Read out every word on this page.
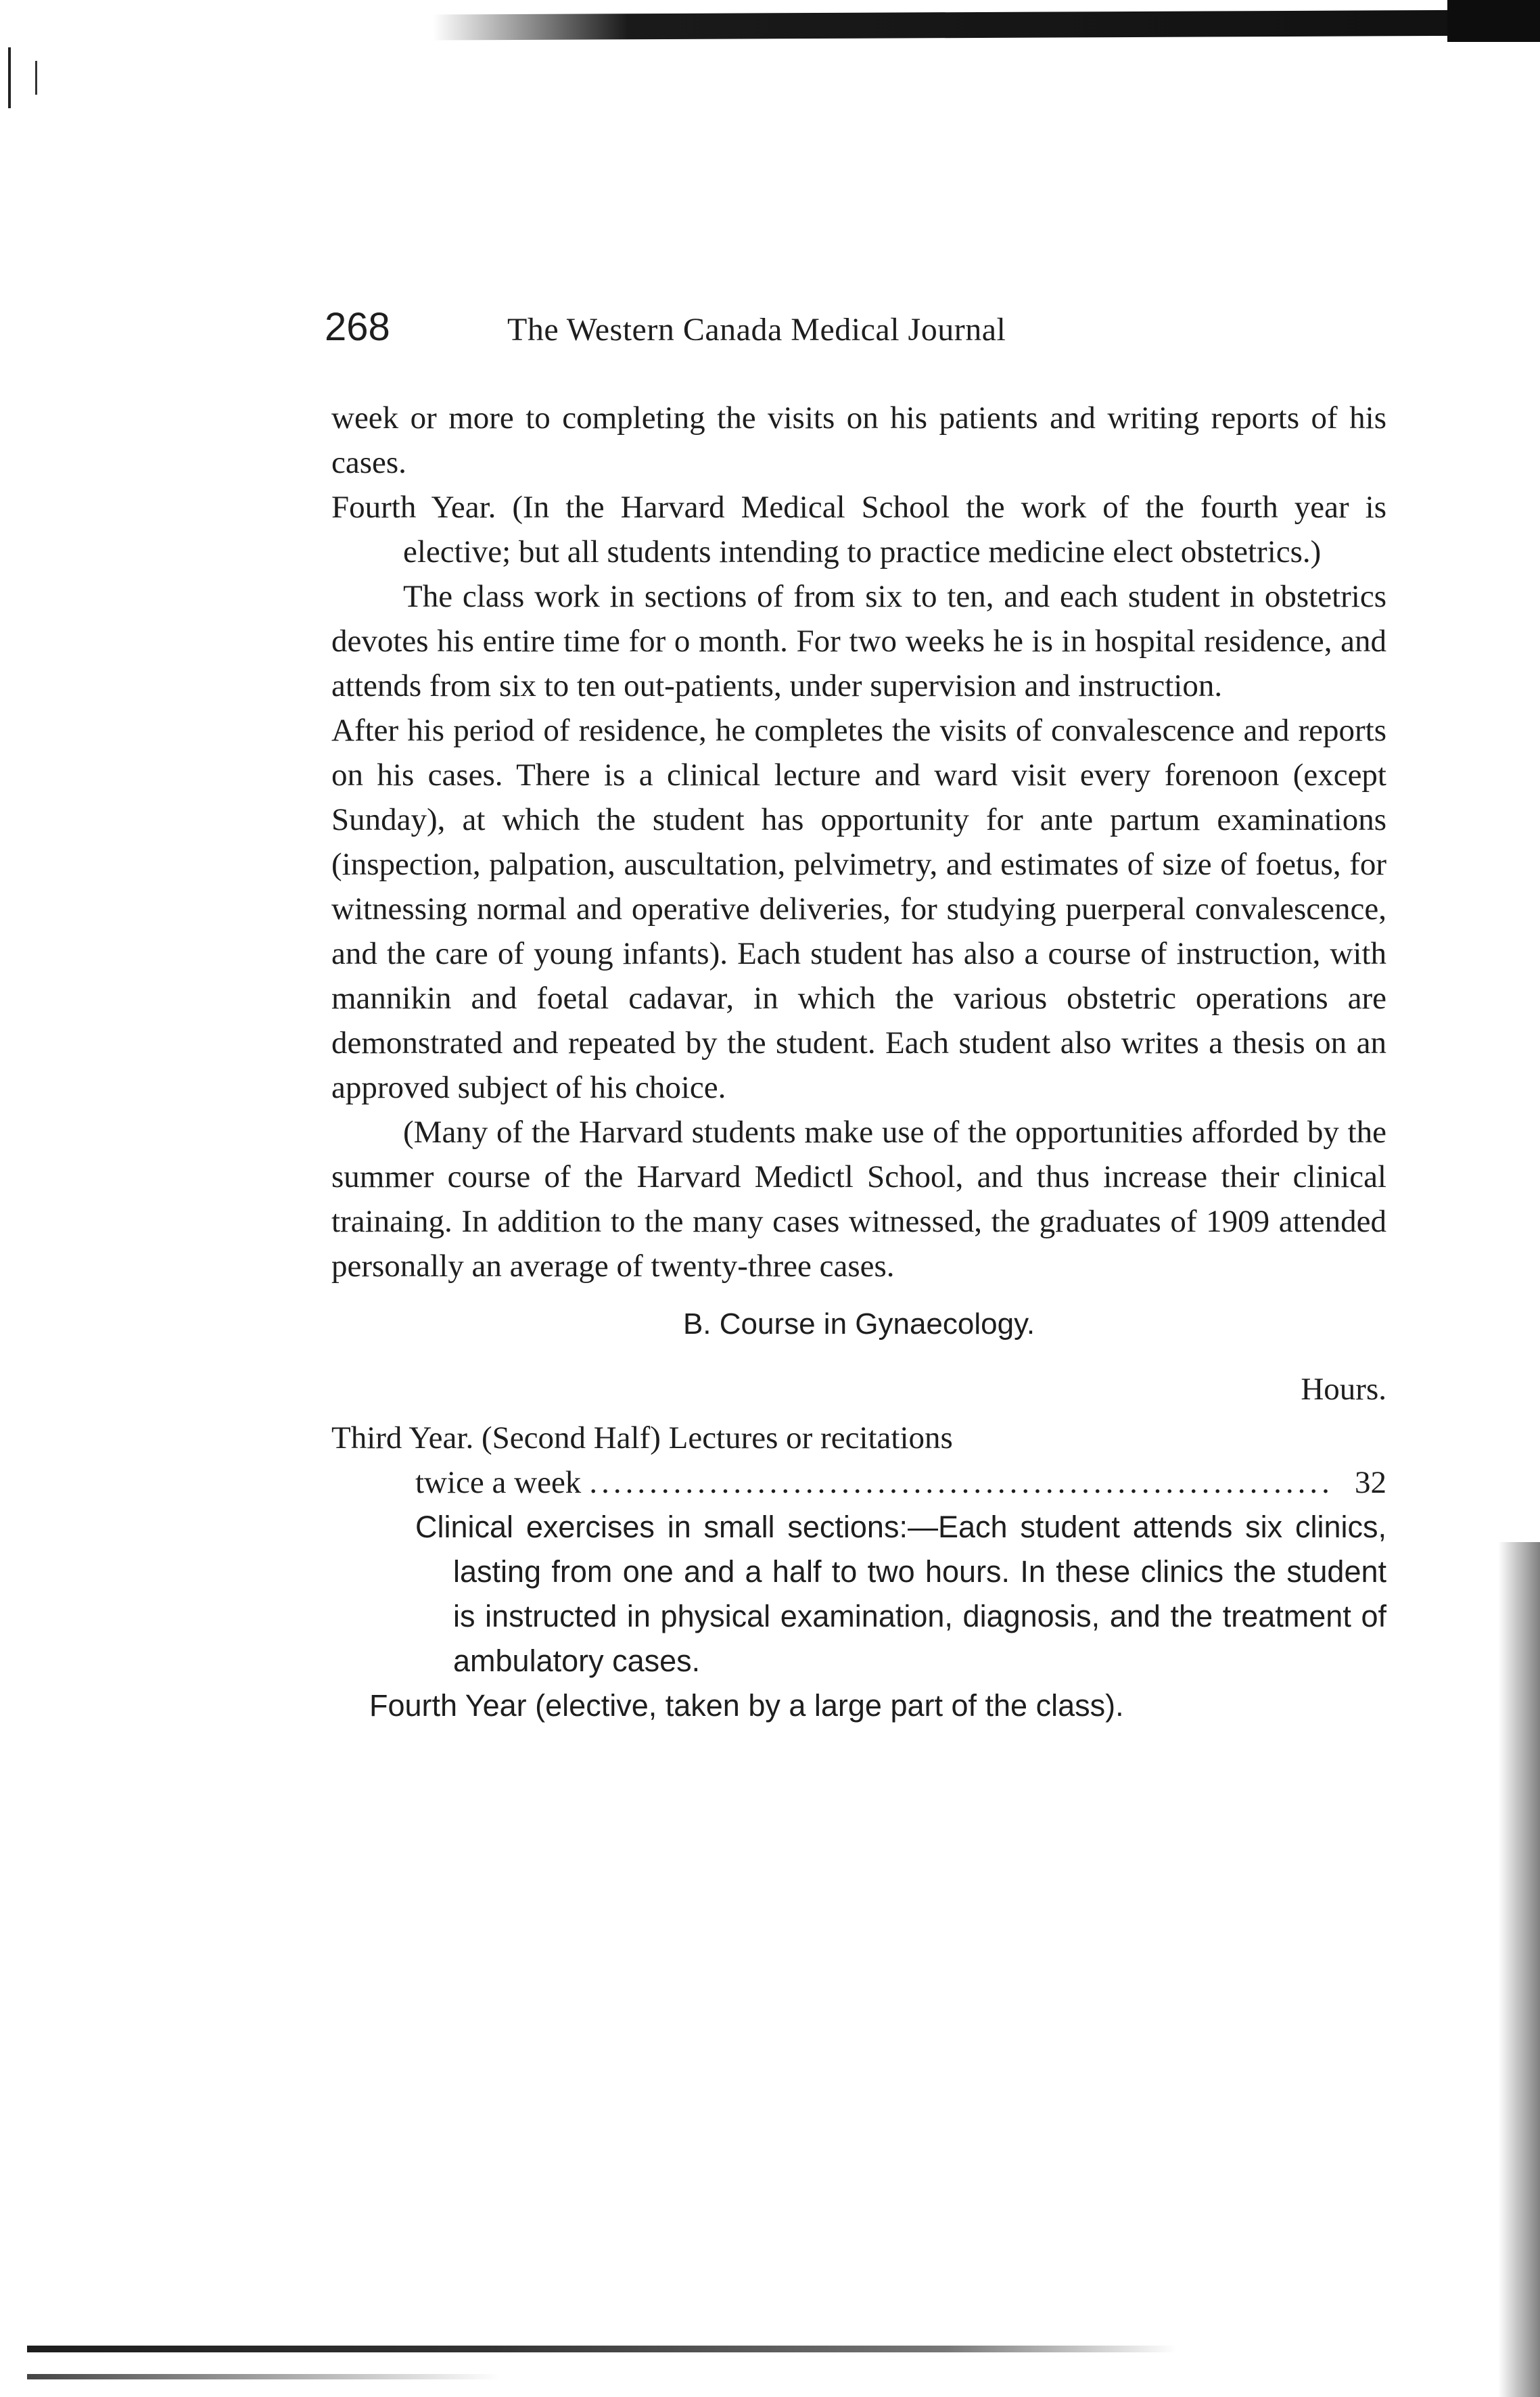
268	The Western Canada Medical Journal

week or more to completing the visits on his patients and writing reports of his cases.

Fourth Year. (In the Harvard Medical School the work of the fourth year is elective; but all students intending to practice medicine elect obstetrics.)

The class work in sections of from six to ten, and each student in obstetrics devotes his entire time for o month. For two weeks he is in hospital residence, and attends from six to ten out-patients, under supervision and instruction.

After his period of residence, he completes the visits of convalescence and reports on his cases. There is a clinical lecture and ward visit every forenoon (except Sunday), at which the student has opportunity for ante partum examinations (inspection, palpation, auscultation, pelvimetry, and estimates of size of foetus, for witnessing normal and operative deliveries, for studying puerperal convalescence, and the care of young infants). Each student has also a course of instruction, with mannikin and foetal cadavar, in which the various obstetric operations are demonstrated and repeated by the student. Each student also writes a thesis on an approved subject of his choice.

(Many of the Harvard students make use of the opportunities afforded by the summer course of the Harvard Medictl School, and thus increase their clinical trainaing. In addition to the many cases witnessed, the graduates of 1909 attended personally an average of twenty-three cases.

B. Course in Gynaecology.

Hours.

Third Year. (Second Half) Lectures or recitations

twice a week .............................................................. 32

Clinical exercises in small sections:—Each student attends six clinics, lasting from one and a half to two hours. In these clinics the student is instructed in physical examination, diagnosis, and the treatment of ambulatory cases.

Fourth Year (elective, taken by a large part of the class).
